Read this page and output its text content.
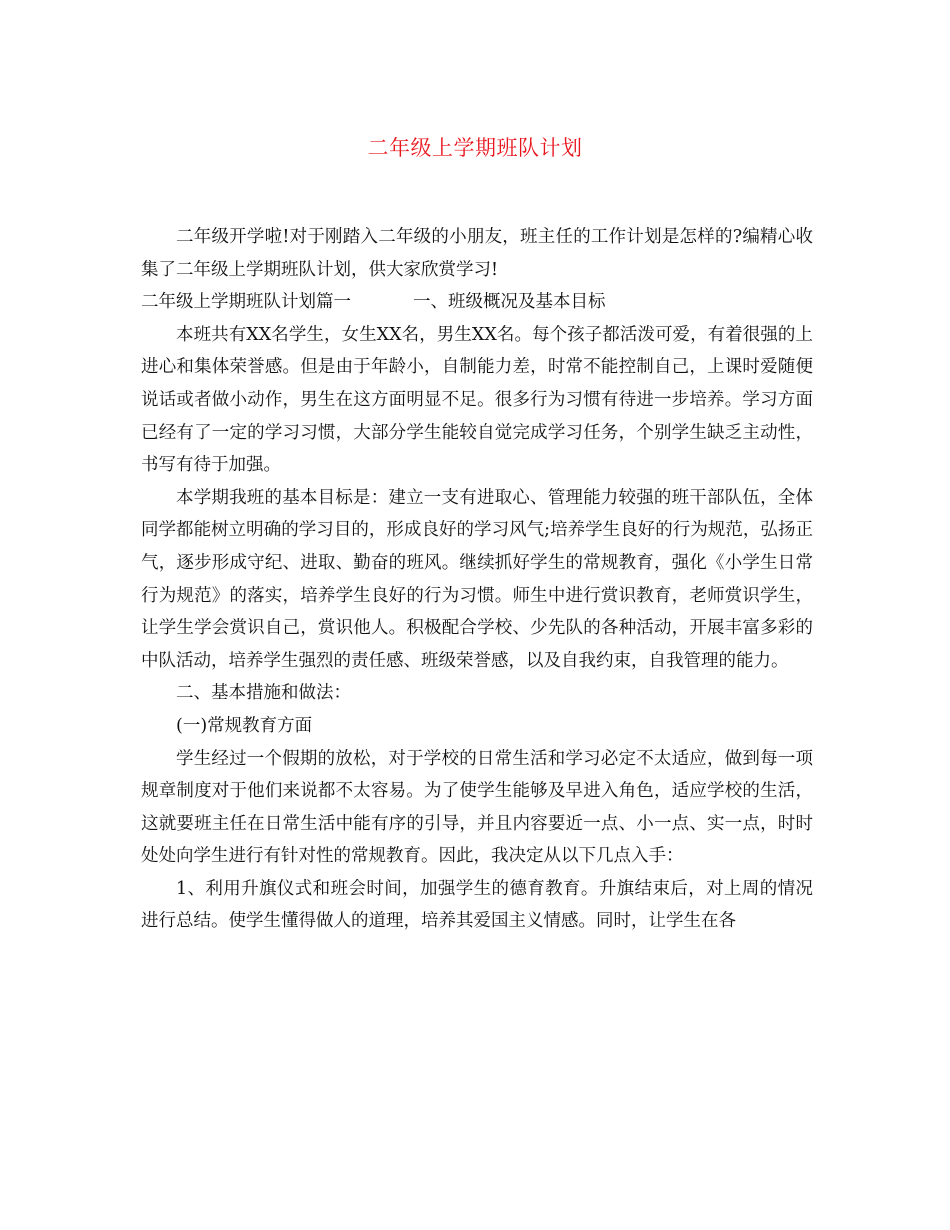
二年级上学期班队计划

二年级开学啦!对于刚踏入二年级的小朋友，班主任的工作计划是怎样的?编精心收集了二年级上学期班队计划，供大家欣赏学习!

二年级上学期班队计划篇一	一、班级概况及基本目标

本班共有XX名学生，女生XX名，男生XX名。每个孩子都活泼可爱，有着很强的上进心和集体荣誉感。但是由于年龄小，自制能力差，时常不能控制自己，上课时爱随便说话或者做小动作，男生在这方面明显不足。很多行为习惯有待进一步培养。学习方面已经有了一定的学习习惯，大部分学生能较自觉完成学习任务，个别学生缺乏主动性，书写有待于加强。

本学期我班的基本目标是：建立一支有进取心、管理能力较强的班干部队伍，全体同学都能树立明确的学习目的，形成良好的学习风气;培养学生良好的行为规范，弘扬正气，逐步形成守纪、进取、勤奋的班风。继续抓好学生的常规教育，强化《小学生日常行为规范》的落实，培养学生良好的行为习惯。师生中进行赏识教育，老师赏识学生，让学生学会赏识自己，赏识他人。积极配合学校、少先队的各种活动，开展丰富多彩的中队活动，培养学生强烈的责任感、班级荣誉感，以及自我约束，自我管理的能力。

二、基本措施和做法：

(一)常规教育方面

学生经过一个假期的放松，对于学校的日常生活和学习必定不太适应，做到每一项规章制度对于他们来说都不太容易。为了使学生能够及早进入角色，适应学校的生活，这就要班主任在日常生活中能有序的引导，并且内容要近一点、小一点、实一点，时时处处向学生进行有针对性的常规教育。因此，我决定从以下几点入手：

1、利用升旗仪式和班会时间，加强学生的德育教育。升旗结束后，对上周的情况进行总结。使学生懂得做人的道理，培养其爱国主义情感。同时，让学生在各
